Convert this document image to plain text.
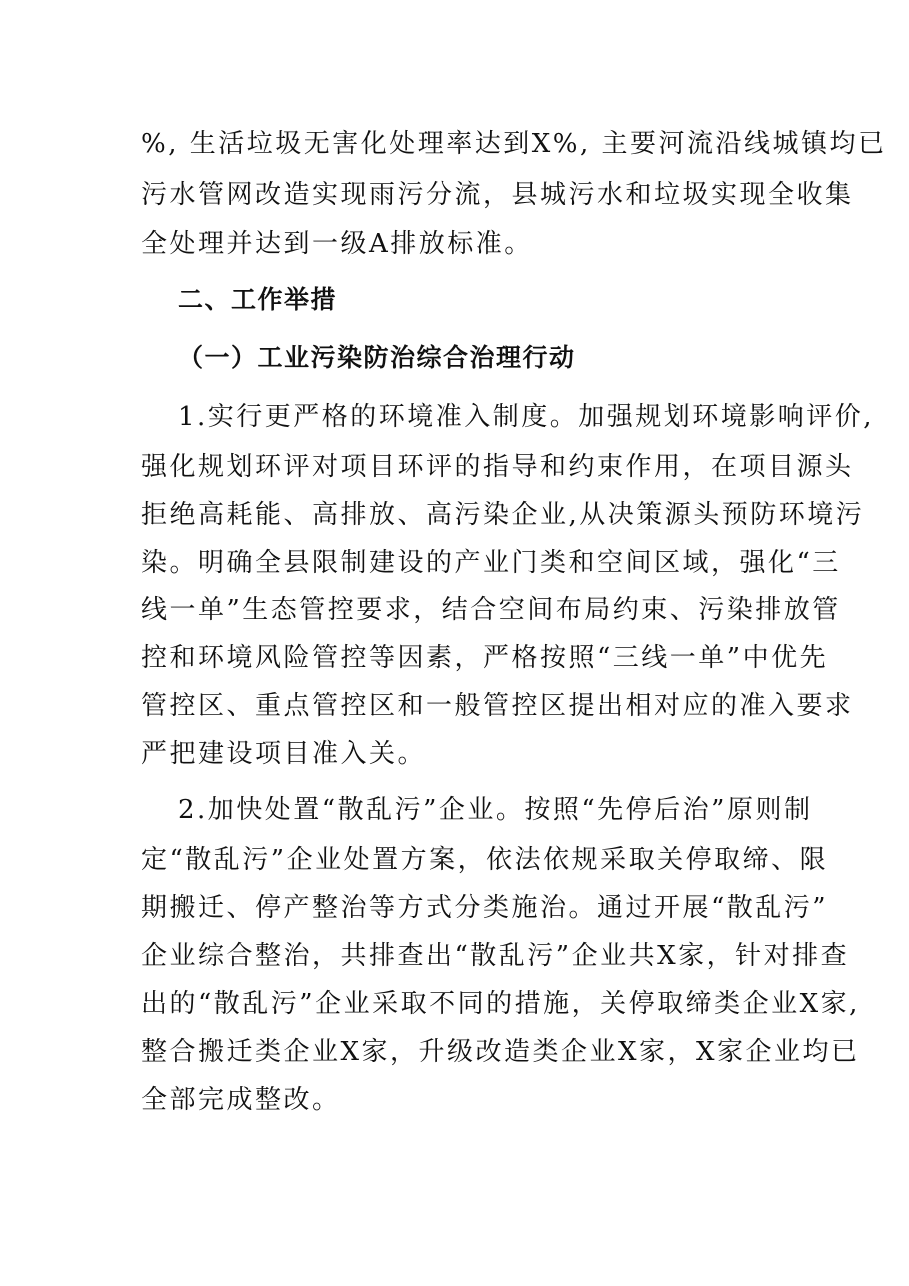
%, 生活垃圾无害化处理率达到X%, 主要河流沿线城镇均已
污水管网改造实现雨污分流，县城污水和垃圾实现全收集
全处理并达到一级A排放标准。
二、工作举措
（一）工业污染防治综合治理行动
1.实行更严格的环境准入制度。加强规划环境影响评价,
强化规划环评对项目环评的指导和约束作用，在项目源头
拒绝高耗能、高排放、高污染企业,从决策源头预防环境污
染。明确全县限制建设的产业门类和空间区域，强化“三
线一单”生态管控要求，结合空间布局约束、污染排放管
控和环境风险管控等因素，严格按照“三线一单”中优先
管控区、重点管控区和一般管控区提出相对应的准入要求
严把建设项目准入关。
2.加快处置“散乱污”企业。按照“先停后治”原则制
定“散乱污”企业处置方案，依法依规采取关停取缔、限
期搬迁、停产整治等方式分类施治。通过开展“散乱污”
企业综合整治，共排查出“散乱污”企业共X家，针对排查
出的“散乱污”企业采取不同的措施，关停取缔类企业X家,
整合搬迁类企业X家，升级改造类企业X家，X家企业均已
全部完成整改。
